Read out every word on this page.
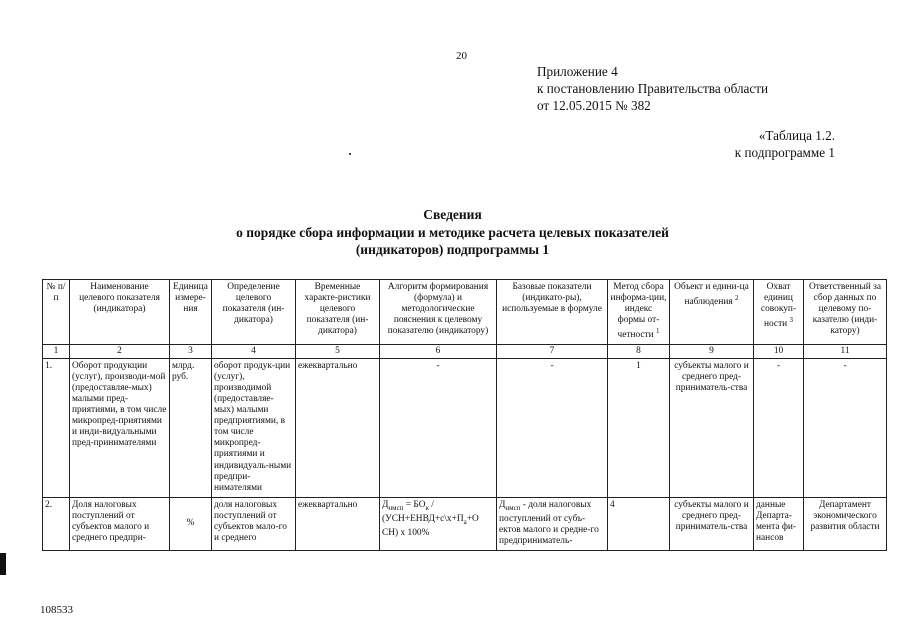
20
Приложение 4
к постановлению Правительства области
от 12.05.2015 № 382
«Таблица 1.2.
к подпрограмме 1
Сведения
о порядке сбора информации и методике расчета целевых показателей
(индикаторов) подпрограммы 1
№ п/п	Наименование целевого показателя (индикатора)	Единица измере-ния	Определение целевого показателя (ин-дикатора)	Временные характе-ристики целевого показателя (ин-дикатора)	Алгоритм формирования (формула) и методологические пояснения к целевому показателю (индикатору)	Базовые показатели (индикато-ры), используемые в формуле	Метод сбора информа-ции, индекс формы от-четности $^1$	Объект и едини-ца наблюдения $^2$	Охват единиц совокуп-ности $^3$	Ответственный за сбор данных по целевому по-казателю (инди-катору)
1	2	3	4	5	6	7	8	9	10	11
1.	Оборот продукции (услуг), производи-мой (предоставляе-мых) малыми пред-приятиями, в том числе микропред-приятиями и инди-видуальными пред-принимателями	млрд. руб.	оборот продук-ции (услуг), производимой (предоставляе-мых) малыми предприятиями, в том числе микропред-приятиями и индивидуаль-ными предпри-нимателями	ежеквартально	-	-	1	субъекты малого и среднего пред-приниматель-ства	-	-
2.	Доля налоговых поступлений от субъектов малого и среднего предпри-	%	доля налоговых поступлений от субъектов мало-го и среднего	ежеквартально	$Д_{нмсп} = БО_к$ / ($УСН+ЕНВД+с\backslash х+П_а+О$ СН) x 100%	$Д_{нмсп}$ - доля налоговых поступлений от субъ-ектов малого и средне-го предприниматель-	4	субъекты малого и среднего пред-приниматель-ства	данные Департа-мента фи-нансов	Департамент экономического развития области
108533
